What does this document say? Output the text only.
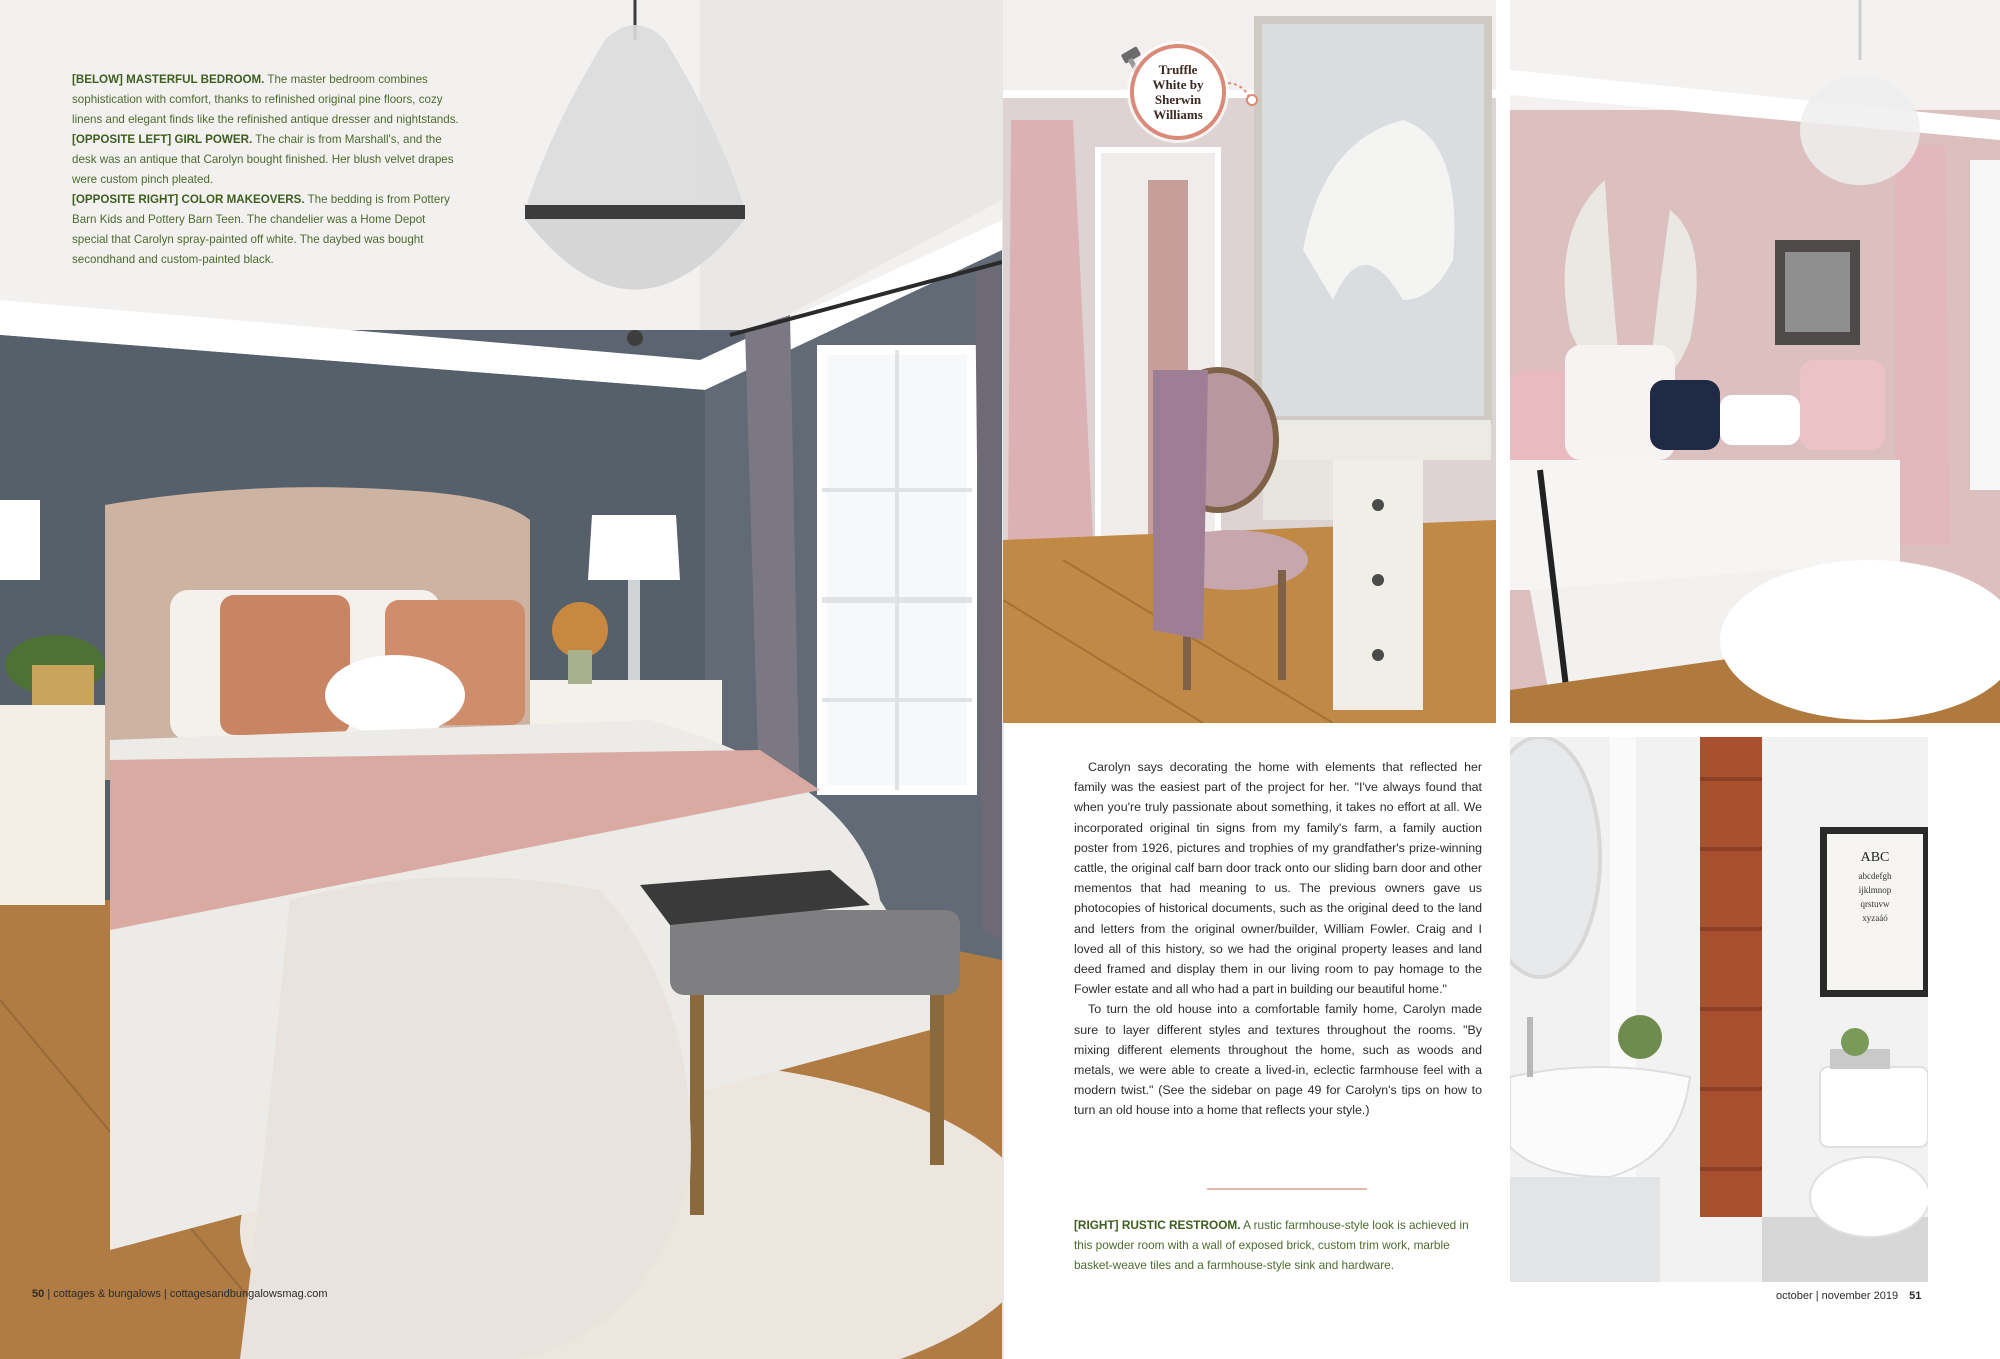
[BELOW] MASTERFUL BEDROOM. The master bedroom combines sophistication with comfort, thanks to refinished original pine floors, cozy linens and elegant finds like the refinished antique dresser and nightstands.
[OPPOSITE LEFT] GIRL POWER. The chair is from Marshall's, and the desk was an antique that Carolyn bought finished. Her blush velvet drapes were custom pinch pleated.
[OPPOSITE RIGHT] COLOR MAKEOVERS. The bedding is from Pottery Barn Kids and Pottery Barn Teen. The chandelier was a Home Depot special that Carolyn spray-painted off white. The daybed was bought secondhand and custom-painted black.
50 | cottages & bungalows | cottagesandbungalowsmag.com
Truffle
White by
Sherwin
Williams
ABC
abcdefgh
ijklmnop
qrstuvw
xyzaáó

Carolyn says decorating the home with elements that reflected her family was the easiest part of the project for her. "I've always found that when you're truly passionate about something, it takes no effort at all. We incorporated original tin signs from my family's farm, a family auction poster from 1926, pictures and trophies of my grandfather's prize-winning cattle, the original calf barn door track onto our sliding barn door and other mementos that had meaning to us. The previous owners gave us photocopies of historical documents, such as the original deed to the land and letters from the original owner/builder, William Fowler. Craig and I loved all of this history, so we had the original property leases and land deed framed and display them in our living room to pay homage to the Fowler estate and all who had a part in building our beautiful home."

To turn the old house into a comfortable family home, Carolyn made sure to layer different styles and textures throughout the rooms. "By mixing different elements throughout the home, such as woods and metals, we were able to create a lived-in, eclectic farmhouse feel with a modern twist." (See the sidebar on page 49 for Carolyn's tips on how to turn an old house into a home that reflects your style.)

[RIGHT] RUSTIC RESTROOM. A rustic farmhouse-style look is achieved in this powder room with a wall of exposed brick, custom trim work, marble basket-weave tiles and a farmhouse-style sink and hardware.
october | november 2019 51
